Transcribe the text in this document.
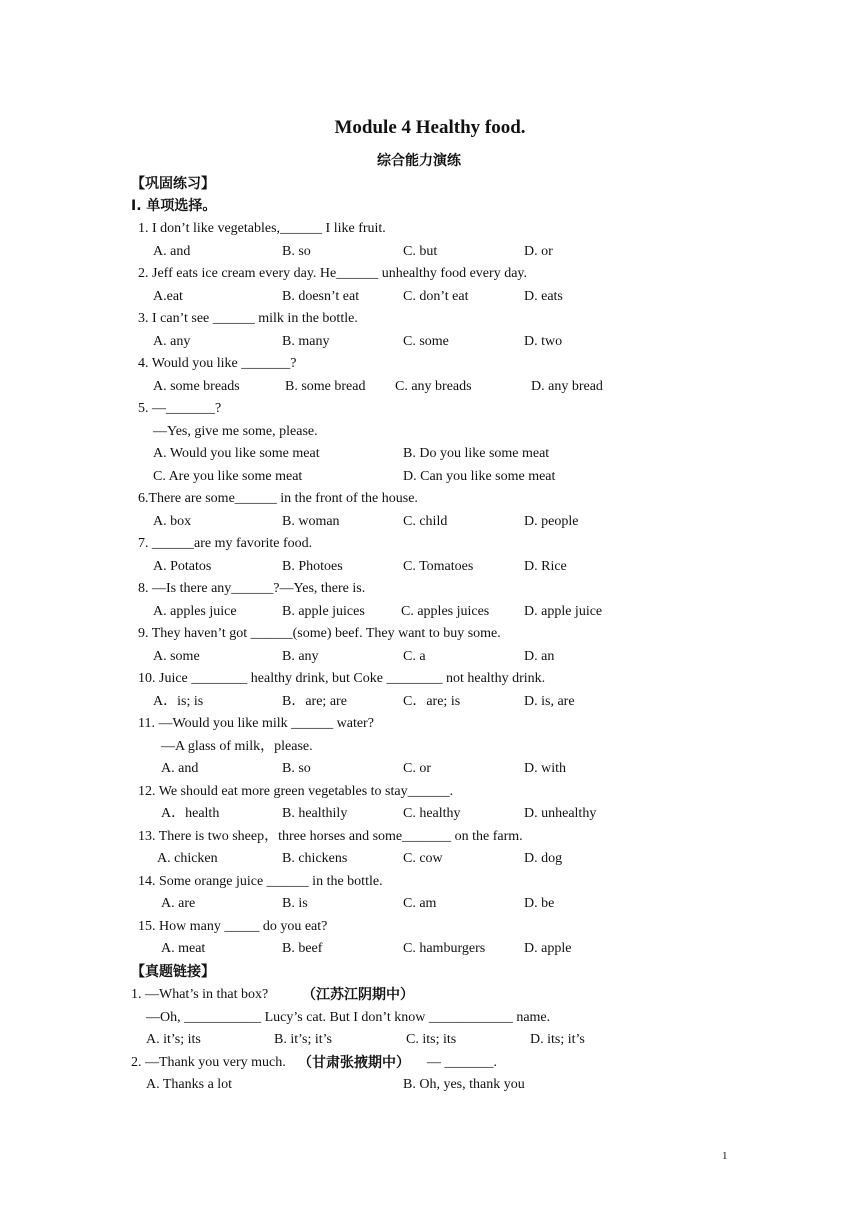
Module 4 Healthy food.
综合能力演练
【巩固练习】
I. 单项选择。
1. I don’t like vegetables,______ I like fruit.
A. and	B. so	C. but	D. or
2. Jeff eats ice cream every day. He______ unhealthy food every day.
A.eat	B. doesn’t eat	C. don’t eat	D. eats
3. I can’t see ______ milk in the bottle.
A. any	B. many	C. some	D. two
4. Would you like _______?
A. some breads	B. some bread C. any breads	D. any bread
5. —_______?
—Yes, give me some, please.
A. Would you like some meat	B. Do you like some meat
C. Are you like some meat	D. Can you like some meat
6.There are some______ in the front of the house.
A. box	B. woman	C. child	D. people
7. ______are my favorite food.
A. Potatos	B. Photoes	C. Tomatoes	D. Rice
8. —Is there any______?—Yes, there is.
A. apples juice	B. apple juices	C. apples juices D. apple juice
9. They haven’t got ______(some) beef. They want to buy some.
A. some	B. any	C. a	D. an
10. Juice ________ healthy drink, but Coke ________ not healthy drink.
A．is; is	B．are; are	C．are; is	D. is, are
11. —Would you like milk ______ water?
—A glass of milk，please.
A. and	B. so	C. or	D. with
12. We should eat more green vegetables to stay______.
A．health	B. healthily	C. healthy	D. unhealthy
13. There is two sheep，three horses and some_______ on the farm.
A. chicken	B. chickens	C. cow	D. dog
14. Some orange juice ______ in the bottle.
A. are	B. is	C. am	D. be
15. How many _____ do you eat?
A. meat	B. beef	C. hamburgers	D. apple
【真题链接】
1. —What’s in that box? （江苏江阴期中）
—Oh, ___________ Lucy’s cat. But I don’t know ____________ name.
A. it’s; its	B. it’s; it’s	C. its; its	D. its; it’s
2. —Thank you very much. （甘肃张掖期中） — _______.
A. Thanks a lot	B. Oh, yes, thank you
1
